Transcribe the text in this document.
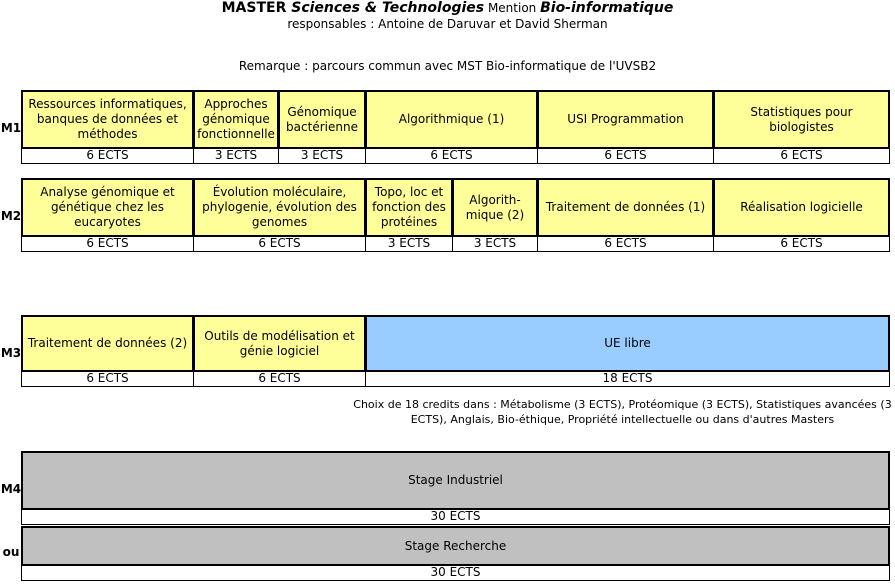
MASTER Sciences & Technologies Mention Bio-informatique
responsables : Antoine de Daruvar et David Sherman
Remarque : parcours commun avec MST Bio-informatique de l'UVSB2
M1
Ressources informatiques, banques de données et méthodes
6 ECTS
Approches génomique fonctionnelle
3 ECTS
Génomique bactérienne
3 ECTS
Algorithmique (1)
6 ECTS
USI Programmation
6 ECTS
Statistiques pour biologistes
6 ECTS
M2
Analyse génomique et génétique chez les eucaryotes
6 ECTS
Évolution moléculaire, phylogenie, évolution des genomes
6 ECTS
Topo, loc et fonction des protéines
3 ECTS
Algorith-mique (2)
3 ECTS
Traitement de données (1)
6 ECTS
Réalisation logicielle
6 ECTS
M3
Traitement de données (2)
6 ECTS
Outils de modélisation et génie logiciel
6 ECTS
UE libre
18 ECTS
Choix de 18 credits dans : Métabolisme (3 ECTS), Protéomique (3 ECTS), Statistiques avancées (3 ECTS), Anglais, Bio-éthique, Propriété intellectuelle ou dans d'autres Masters
M4
Stage Industriel
30 ECTS
ou	Stage Recherche
30 ECTS
